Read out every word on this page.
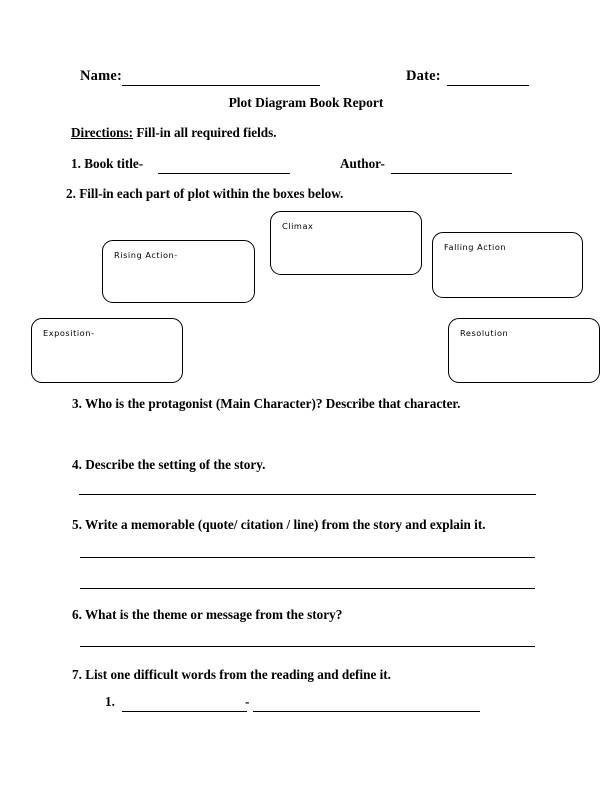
Name:	Date:
Plot Diagram Book Report
Directions: Fill-in all required fields.
1. Book title-	Author-
2. Fill-in each part of plot within the boxes below.
Climax
Falling Action
Rising Action-
Exposition-	Resolution
3. Who is the protagonist (Main Character)? Describe that character.
4. Describe the setting of the story.
5. Write a memorable (quote/ citation / line) from the story and explain it.
6. What is the theme or message from the story?
7. List one difficult words from the reading and define it.
1.	-
